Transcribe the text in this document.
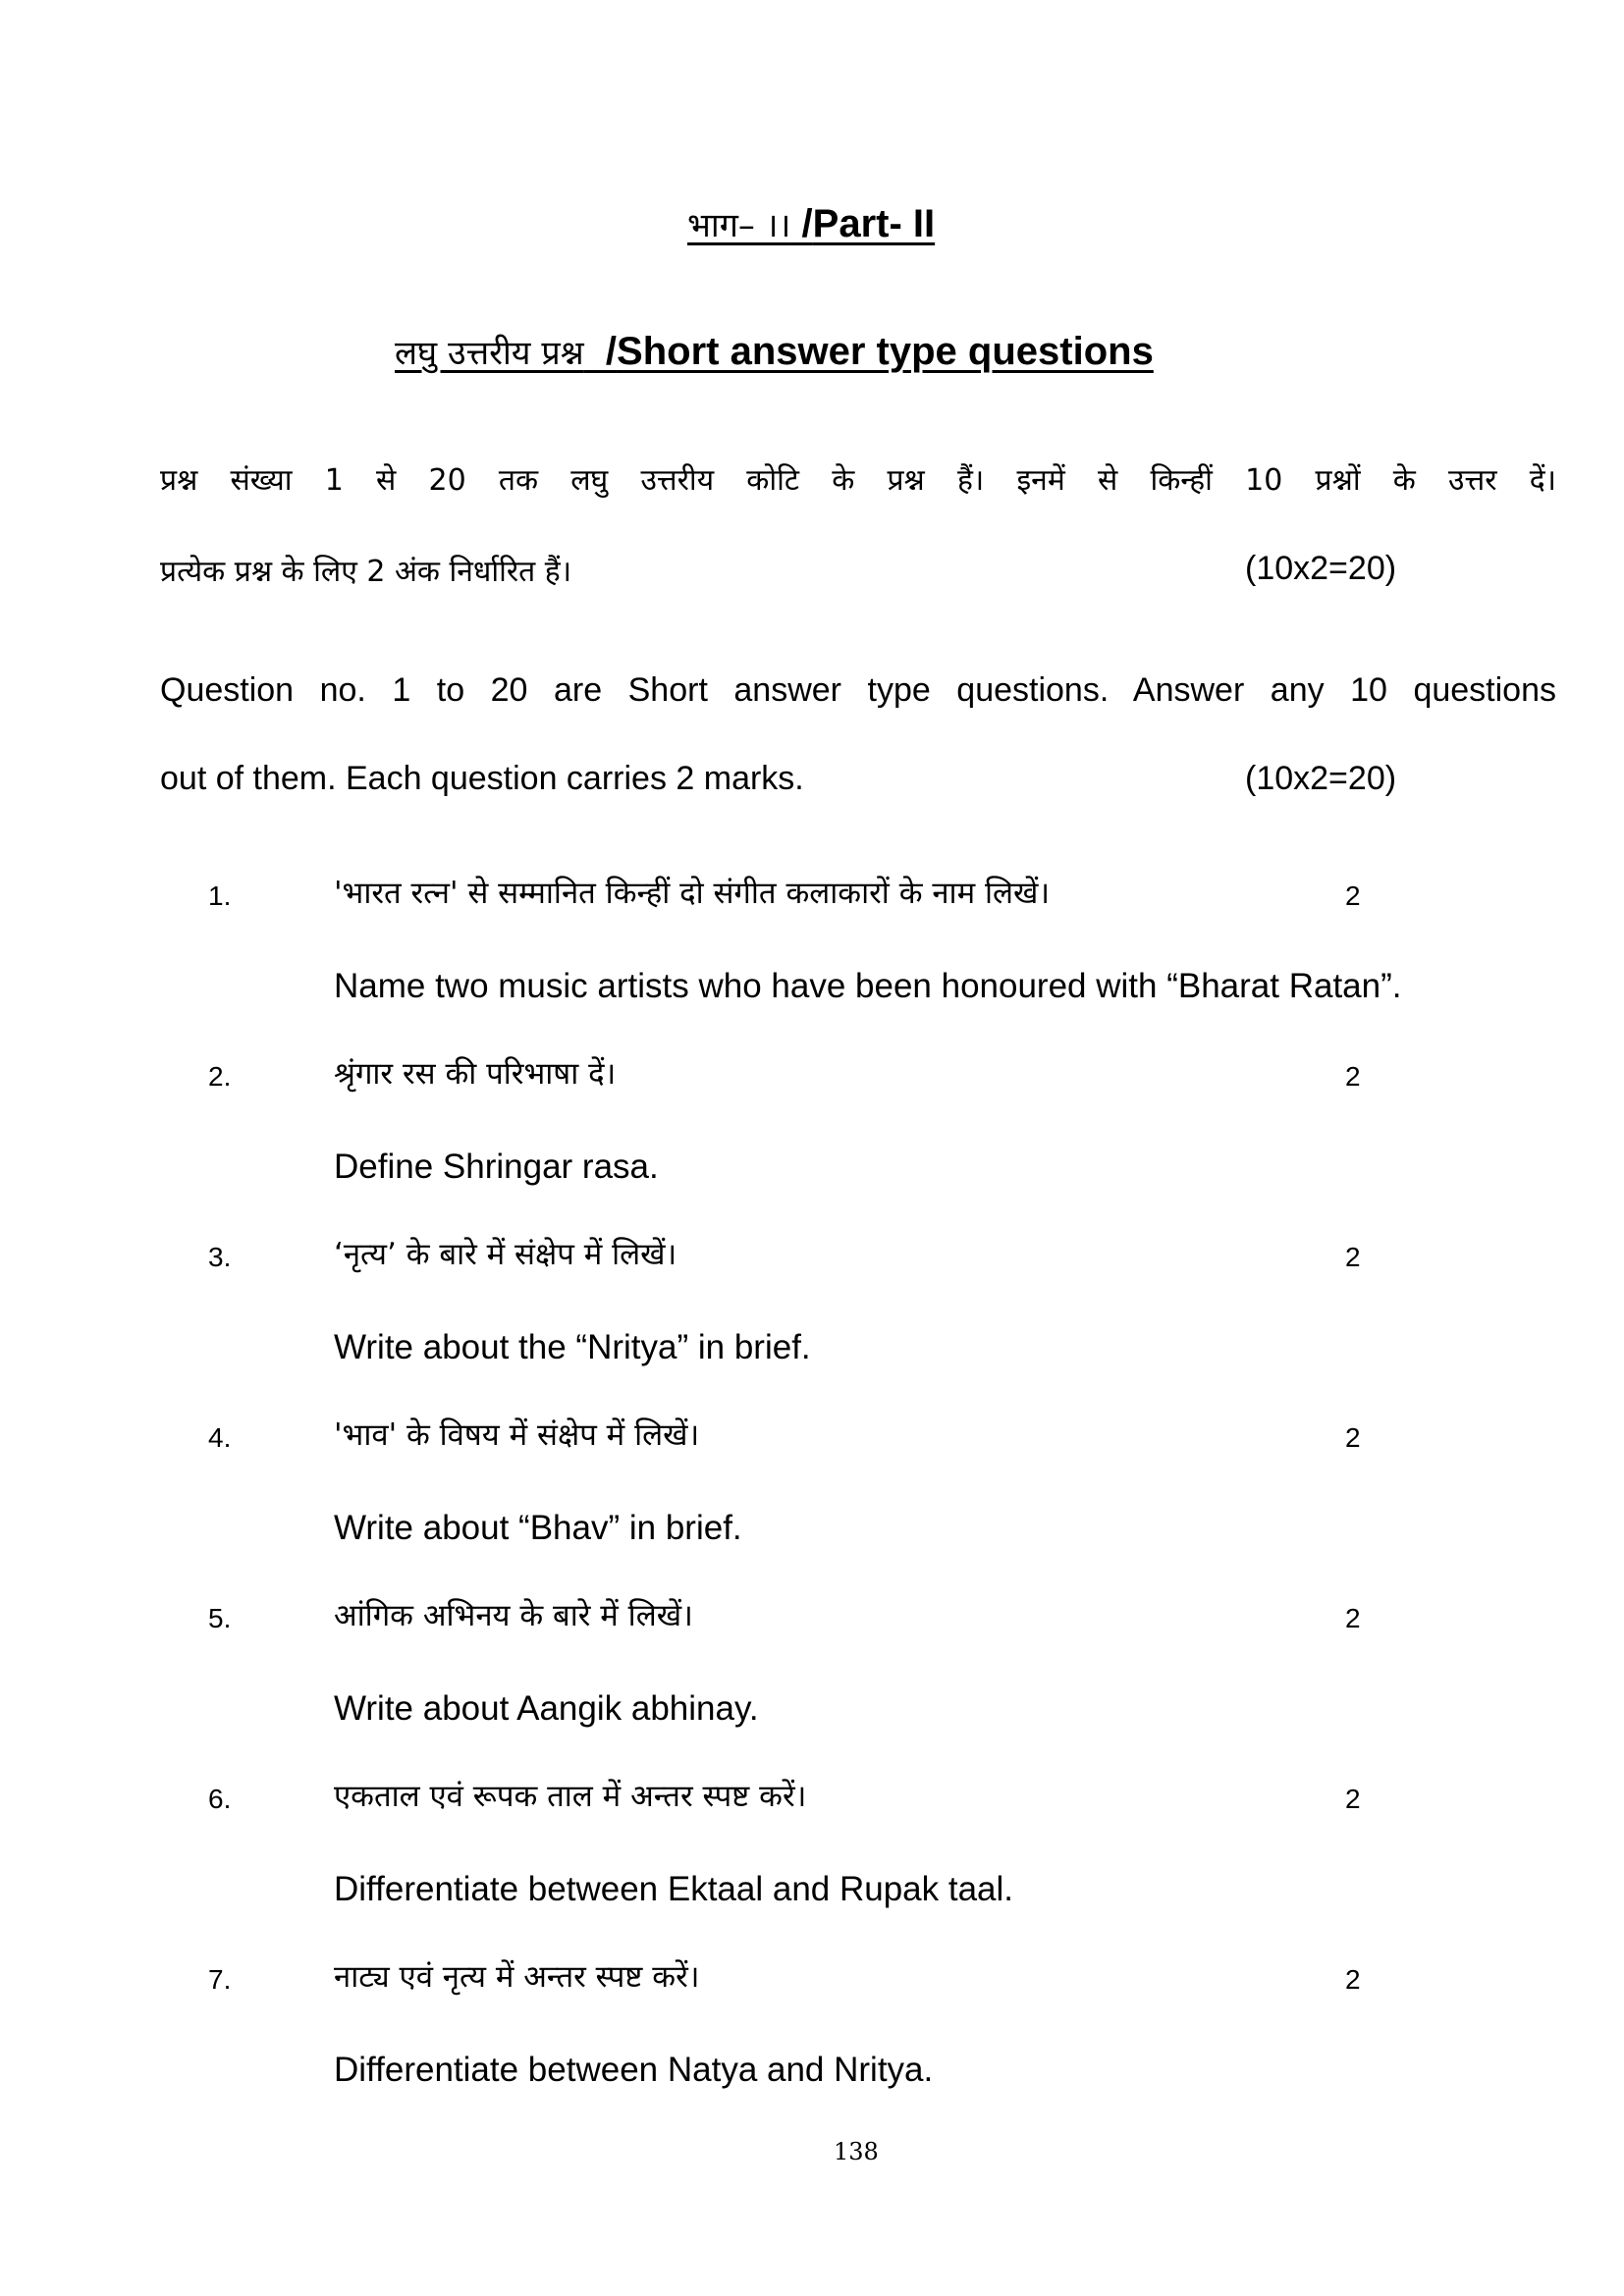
भाग– ।। /Part- II
लघु उत्तरीय प्रश्न  /Short answer type questions
प्रश्न संख्या 1 से 20 तक लघु उत्तरीय कोटि के प्रश्न हैं। इनमें से किन्हीं 10 प्रश्नों के उत्तर दें।
प्रत्येक प्रश्न के लिए 2 अंक निर्धारित हैं।	(10x2=20)
Question no. 1 to 20 are Short answer type questions. Answer any 10 questions
out of them. Each question carries 2 marks.	(10x2=20)
1.	'भारत रत्न' से सम्मानित किन्हीं दो संगीत कलाकारों के नाम लिखें।	2
Name two music artists who have been honoured with “Bharat Ratan”.
2.	श्रृंगार रस की परिभाषा दें।	2
Define Shringar rasa.
3.	‘नृत्य’ के बारे में संक्षेप में लिखें।	2
Write about the “Nritya” in brief.
4.	'भाव' के विषय में संक्षेप में लिखें।	2
Write about “Bhav” in brief.
5.	आंगिक अभिनय के बारे में लिखें।	2
Write about Aangik abhinay.
6.	एकताल एवं रूपक ताल में अन्तर स्पष्ट करें।	2
Differentiate between Ektaal and Rupak taal.
7.	नाट्य एवं नृत्य में अन्तर स्पष्ट करें।	2
Differentiate between Natya and Nritya.
138
